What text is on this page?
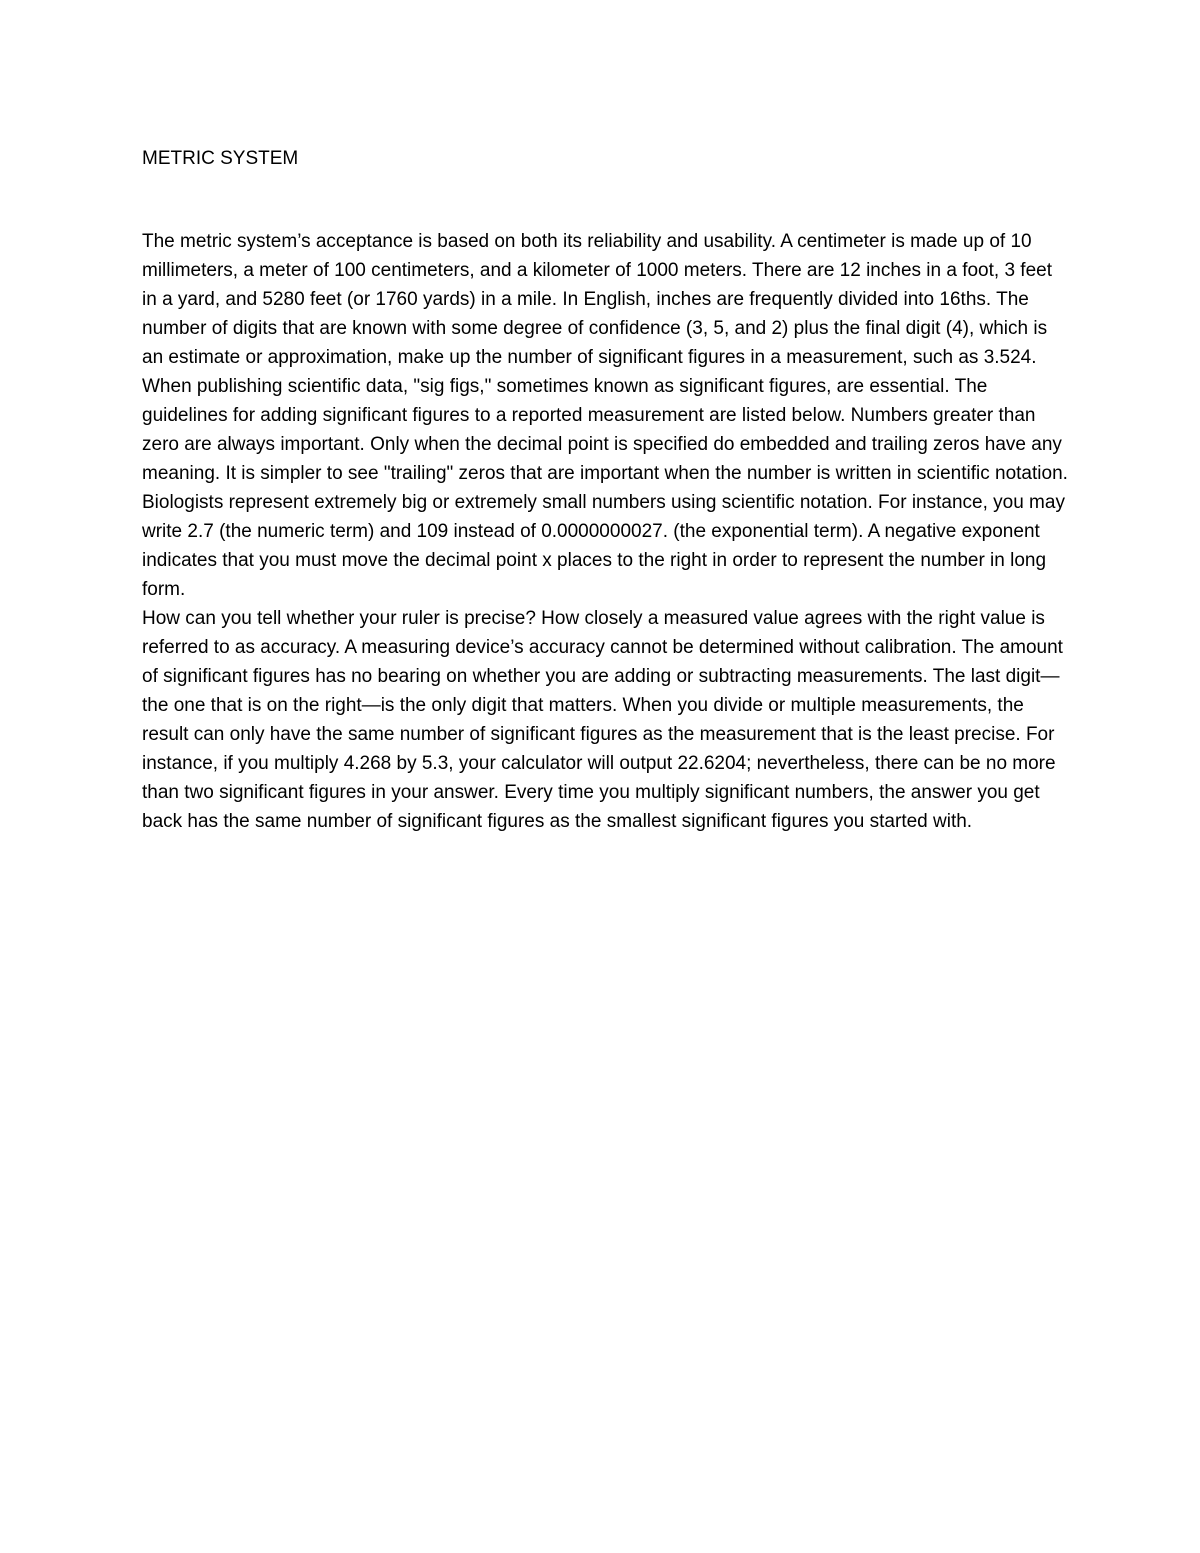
METRIC SYSTEM

The metric system’s acceptance is based on both its reliability and usability. A centimeter is made up of 10 millimeters, a meter of 100 centimeters, and a kilometer of 1000 meters. There are 12 inches in a foot, 3 feet in a yard, and 5280 feet (or 1760 yards) in a mile. In English, inches are frequently divided into 16ths. The number of digits that are known with some degree of confidence (3, 5, and 2) plus the final digit (4), which is an estimate or approximation, make up the number of significant figures in a measurement, such as 3.524. When publishing scientific data, "sig figs," sometimes known as significant figures, are essential. The guidelines for adding significant figures to a reported measurement are listed below. Numbers greater than zero are always important. Only when the decimal point is specified do embedded and trailing zeros have any meaning. It is simpler to see "trailing" zeros that are important when the number is written in scientific notation. Biologists represent extremely big or extremely small numbers using scientific notation. For instance, you may write 2.7 (the numeric term) and 109 instead of 0.0000000027. (the exponential term). A negative exponent indicates that you must move the decimal point x places to the right in order to represent the number in long form.

How can you tell whether your ruler is precise? How closely a measured value agrees with the right value is referred to as accuracy. A measuring device’s accuracy cannot be determined without calibration. The amount of significant figures has no bearing on whether you are adding or subtracting measurements. The last digit—the one that is on the right—is the only digit that matters. When you divide or multiple measurements, the result can only have the same number of significant figures as the measurement that is the least precise. For instance, if you multiply 4.268 by 5.3, your calculator will output 22.6204; nevertheless, there can be no more than two significant figures in your answer. Every time you multiply significant numbers, the answer you get back has the same number of significant figures as the smallest significant figures you started with.
